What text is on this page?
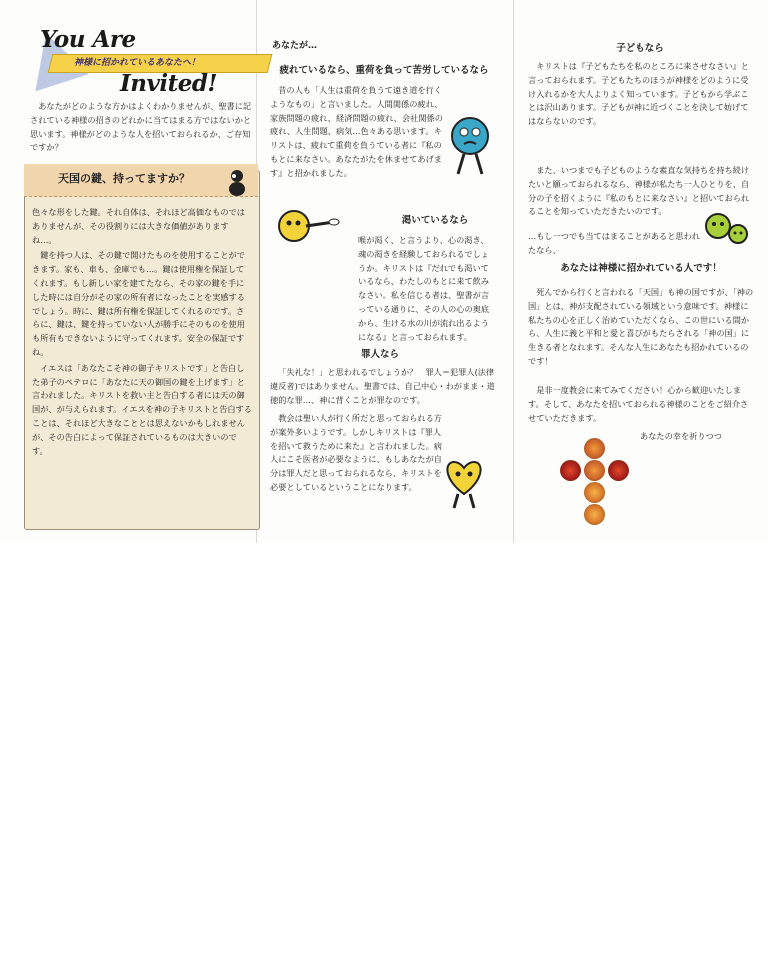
You Are
神様に招かれているあなたへ！
Invited!

あなたがどのような方かはよくわかりませんが、聖書に記されている神様の招きのどれかに当てはまる方ではないかと思います。神様がどのような人を招いておられるか、ご存知ですか？

天国の鍵、持ってますか？

色々な形をした鍵。それ自体は、それほど高価なものではありませんが、その役割りには大きな価値がありますね…。

鍵を持つ人は、その鍵で開けたものを使用することができます。家も、車も、金庫でも…。鍵は使用権を保証してくれます。もし新しい家を建てたなら、その家の鍵を手にした時には自分がその家の所有者になったことを実感するでしょう。時に、鍵は所有権を保証してくれるのです。さらに、鍵は、鍵を持っていない人が勝手にそのものを使用も所有もできないように守ってくれます。安全の保証ですね。

イエスは「あなたこそ神の御子キリストです」と告白した弟子のペテロに「あなたに天の御国の鍵を上げます」と言われました。キリストを救い主と告白する者には天の御国が、が与えられます。イエスを神の子キリストと告白することは、それほど大きなこととは思えないかもしれませんが、その告白によって保証されているものは大きいのです。

あなたが…

疲れているなら、重荷を負って苦労しているなら

昔の人も「人生は重荷を負うて遠き道を行くようなもの」と言いました。人間関係の疲れ、家族問題の疲れ、経済問題の疲れ、会社関係の疲れ、人生問題、病気…色々ある思います。キリストは、疲れて重荷を負うている者に『私のもとに来なさい。あなたがたを休ませてあげます』と招かれました。

渇いているなら

喉が渇く、と言うより、心の渇き、魂の渇きを経験しておられるでしょうか。キリストは『だれでも渇いているなら、わたしのもとに来て飲みなさい。私を信じる者は、聖書が言っている通りに、その人の心の奥底から、生ける水の川が流れ出るようになる』と言っておられます。

罪人なら

「失礼な！」と思われるでしょうか？　罪人＝犯罪人(法律違反者)ではありません。聖書では、自己中心・わがまま・道徳的な罪…、神に背くことが罪なのです。

教会は聖い人が行く所だと思っておられる方が案外多いようです。しかしキリストは『罪人を招いて救うために来た』と言われました。病人にこそ医者が必要なように、もしあなたが自分は罪人だと思っておられるなら、キリストを必要としているということになります。

子どもなら

キリストは『子どもたちを私のところに来させなさい』と言っておられます。子どもたちのほうが神様をどのように受け入れるかを大人よりよく知っています。子どもから学ぶことは沢山あります。子どもが神に近づくことを決して妨げてはならないのです。

また、いつまでも子どものような素直な気持ちを持ち続けたいと願っておられるなら、神様が私たち一人ひとりを、自分の子を招くように『私のもとに来なさい』と招いておられることを知っていただきたいのです。

…もし一つでも当てはまることがあると思われたなら、

あなたは神様に招かれている人です！

死んでから行くと言われる「天国」も神の国ですが、「神の国」とは、神が支配されている領域という意味です。神様に私たちの心を正しく治めていただくなら、この世にいる間から、人生に義と平和と愛と喜びがもたらされる「神の国」に生きる者となれます。そんな人生にあなたも招かれているのです！

是非一度教会に来てみてください！心から歓迎いたします。そして、あなたを招いておられる神様のことをご紹介させていただきます。

あなたの幸を祈りつつ
